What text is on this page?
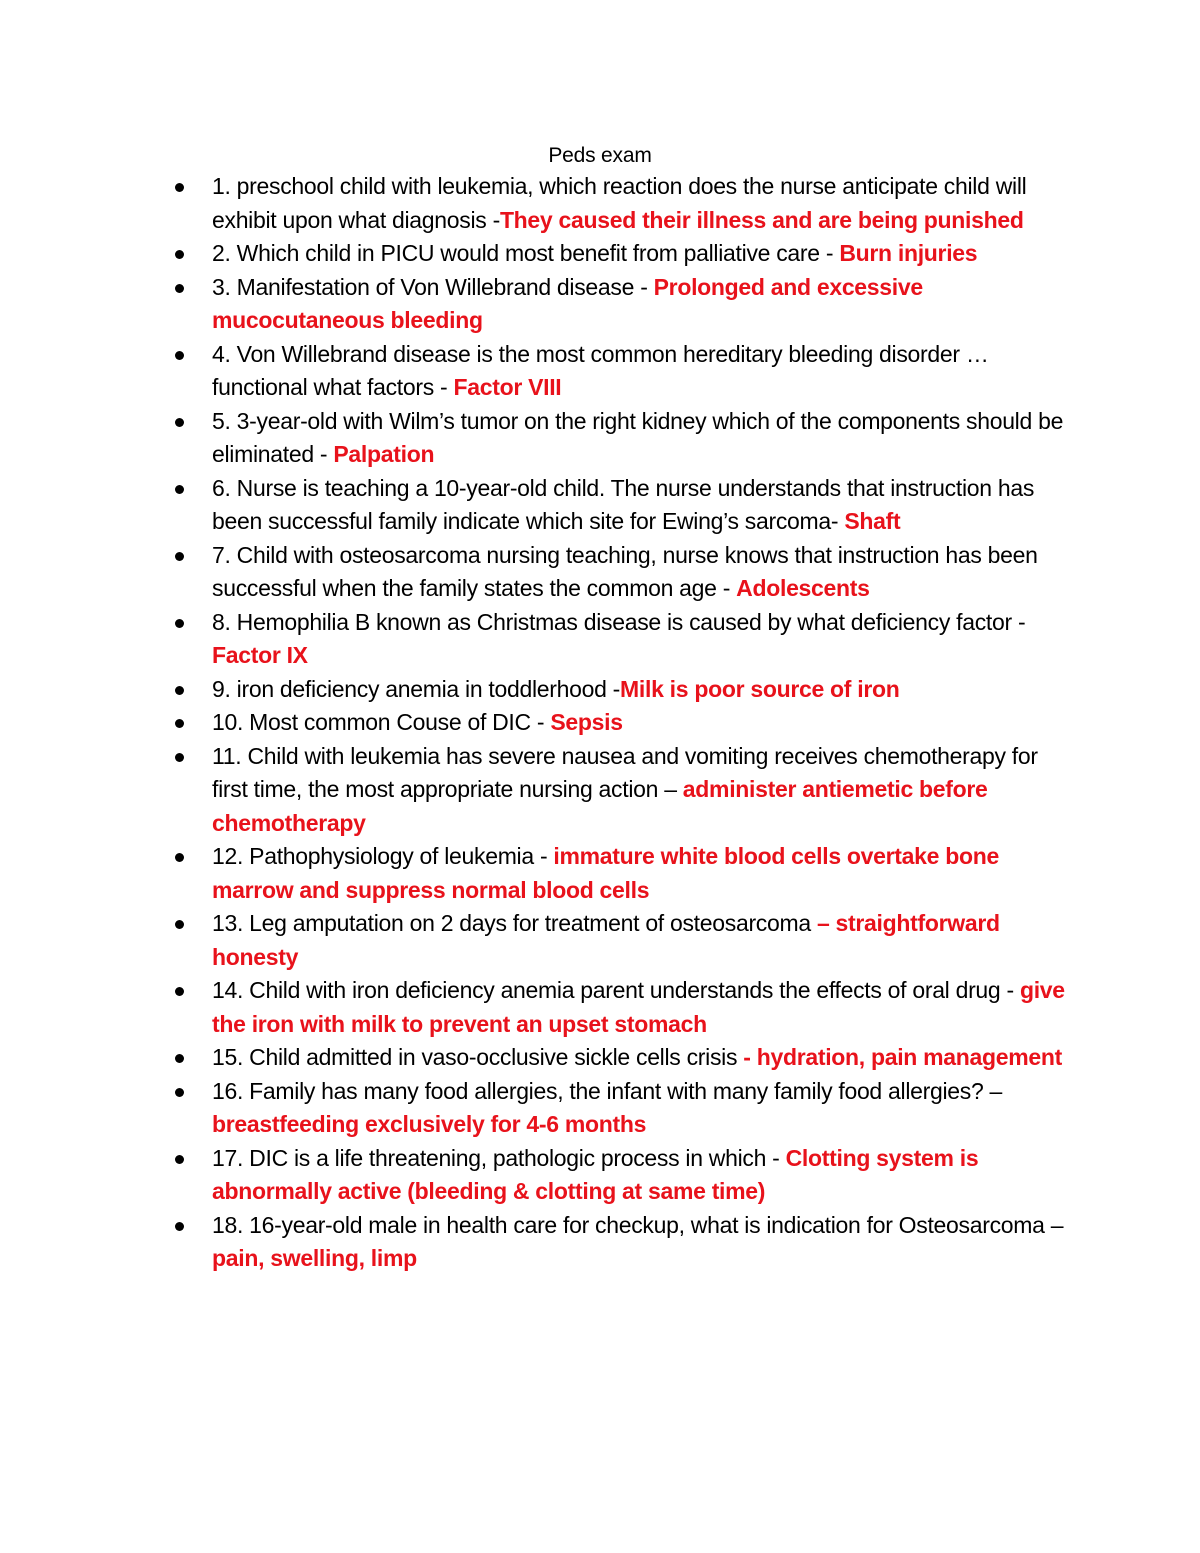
Peds exam
1. preschool child with leukemia, which reaction does the nurse anticipate child will exhibit upon what diagnosis -They caused their illness and are being punished
2. Which child in PICU would most benefit from palliative care - Burn injuries
3. Manifestation of Von Willebrand disease - Prolonged and excessive mucocutaneous bleeding
4. Von Willebrand disease is the most common hereditary bleeding disorder … functional what factors - Factor VIII
5. 3-year-old with Wilm’s tumor on the right kidney which of the components should be eliminated - Palpation
6. Nurse is teaching a 10-year-old child. The nurse understands that instruction has been successful family indicate which site for Ewing’s sarcoma- Shaft
7. Child with osteosarcoma nursing teaching, nurse knows that instruction has been successful when the family states the common age - Adolescents
8. Hemophilia B known as Christmas disease is caused by what deficiency factor - Factor IX
9. iron deficiency anemia in toddlerhood -Milk is poor source of iron
10. Most common Couse of DIC - Sepsis
11. Child with leukemia has severe nausea and vomiting receives chemotherapy for first time, the most appropriate nursing action – administer antiemetic before chemotherapy
12. Pathophysiology of leukemia - immature white blood cells overtake bone marrow and suppress normal blood cells
13. Leg amputation on 2 days for treatment of osteosarcoma – straightforward honesty
14. Child with iron deficiency anemia parent understands the effects of oral drug - give the iron with milk to prevent an upset stomach
15. Child admitted in vaso-occlusive sickle cells crisis - hydration, pain management
16. Family has many food allergies, the infant with many family food allergies? – breastfeeding exclusively for 4-6 months
17. DIC is a life threatening, pathologic process in which - Clotting system is abnormally active (bleeding & clotting at same time)
18. 16-year-old male in health care for checkup, what is indication for Osteosarcoma – pain, swelling, limp
